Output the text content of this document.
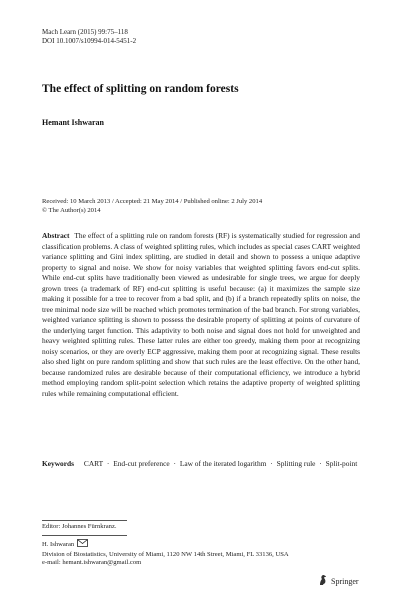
Mach Learn (2015) 99:75–118
DOI 10.1007/s10994-014-5451-2
The effect of splitting on random forests
Hemant Ishwaran
Received: 10 March 2013 / Accepted: 21 May 2014 / Published online: 2 July 2014
© The Author(s) 2014
Abstract The effect of a splitting rule on random forests (RF) is systematically studied for regression and classification problems. A class of weighted splitting rules, which includes as special cases CART weighted variance splitting and Gini index splitting, are studied in detail and shown to possess a unique adaptive property to signal and noise. We show for noisy variables that weighted splitting favors end-cut splits. While end-cut splits have traditionally been viewed as undesirable for single trees, we argue for deeply grown trees (a trademark of RF) end-cut splitting is useful because: (a) it maximizes the sample size making it possible for a tree to recover from a bad split, and (b) if a branch repeatedly splits on noise, the tree minimal node size will be reached which promotes termination of the bad branch. For strong variables, weighted variance splitting is shown to possess the desirable property of splitting at points of curvature of the underlying target function. This adaptivity to both noise and signal does not hold for unweighted and heavy weighted splitting rules. These latter rules are either too greedy, making them poor at recognizing noisy scenarios, or they are overly ECP aggressive, making them poor at recognizing signal. These results also shed light on pure random splitting and show that such rules are the least effective. On the other hand, because randomized rules are desirable because of their computational efficiency, we introduce a hybrid method employing random split-point selection which retains the adaptive property of weighted splitting rules while remaining computational efficient.
Keywords CART · End-cut preference · Law of the iterated logarithm · Splitting rule · Split-point
Editor: Johannes Fürnkranz.
H. Ishwaran
Division of Biostatistics, University of Miami, 1120 NW 14th Street, Miami, FL 33136, USA
e-mail: hemant.ishwaran@gmail.com
Springer
